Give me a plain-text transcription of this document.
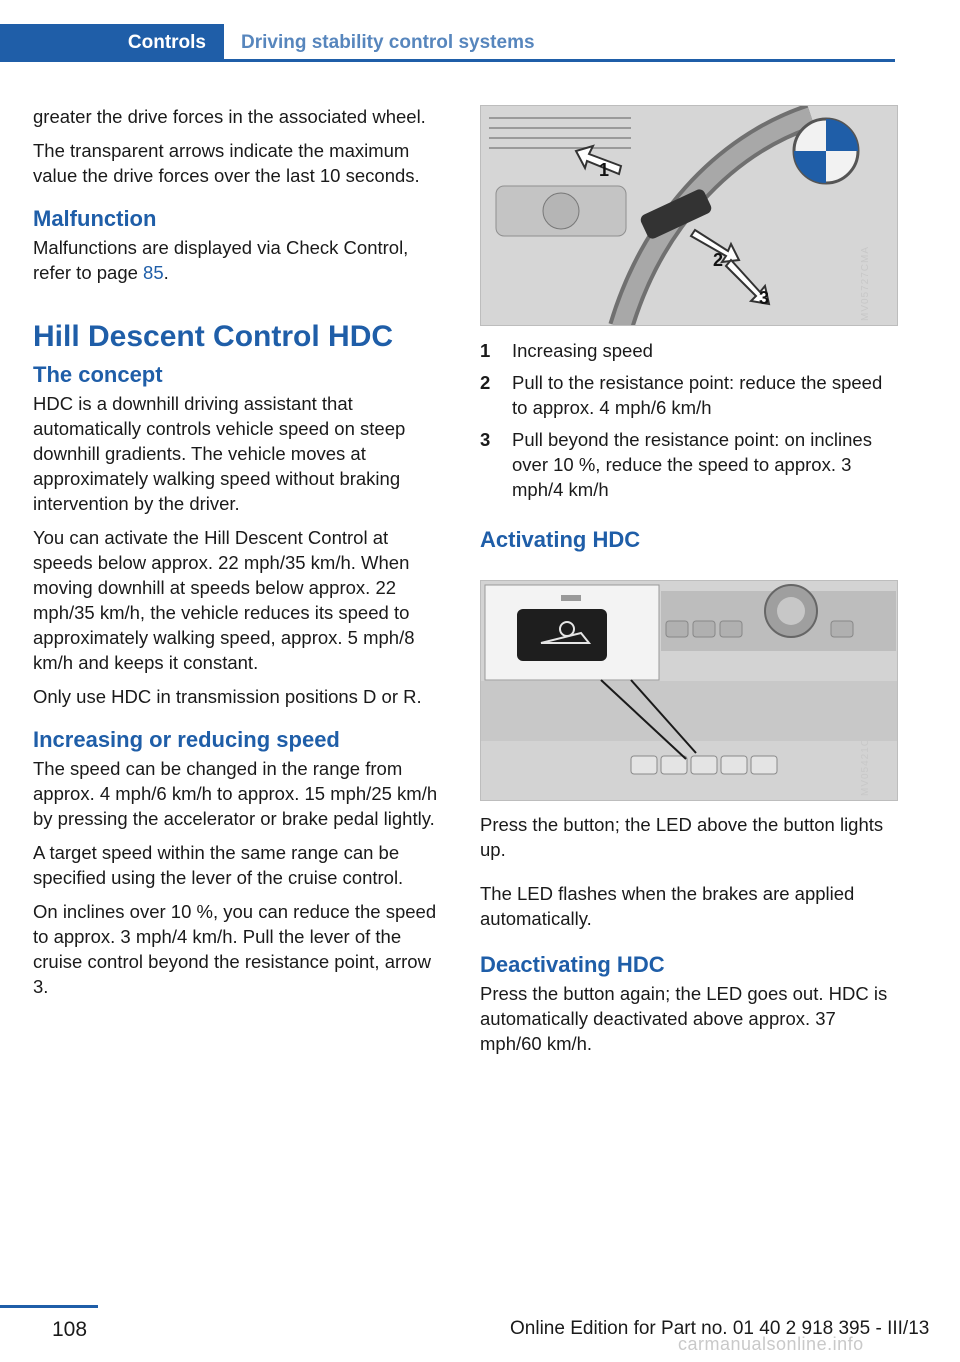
Controls Driving stability control systems

greater the drive forces in the associated wheel.

The transparent arrows indicate the maximum value the drive forces over the last 10 seconds.

Malfunction

Malfunctions are displayed via Check Control, refer to page 85.

Hill Descent Control HDC
The concept

HDC is a downhill driving assistant that automatically controls vehicle speed on steep downhill gradients. The vehicle moves at approximately walking speed without braking intervention by the driver.

You can activate the Hill Descent Control at speeds below approx. 22 mph/35 km/h. When moving downhill at speeds below approx. 22 mph/35 km/h, the vehicle reduces its speed to approximately walking speed, approx. 5 mph/8 km/h and keeps it constant.

Only use HDC in transmission positions D or R.

Increasing or reducing speed

The speed can be changed in the range from approx. 4 mph/6 km/h to approx. 15 mph/25 km/h by pressing the accelerator or brake pedal lightly.

A target speed within the same range can be specified using the lever of the cruise control.

On inclines over 10 %, you can reduce the speed to approx. 3 mph/4 km/h. Pull the lever of the cruise control beyond the resistance point, arrow 3.

1
2
3	MV05727CMA
1	Increasing speed
2	Pull to the resistance point: reduce the speed to approx. 4 mph/6 km/h
3	Pull beyond the resistance point: on inclines over 10 %, reduce the speed to approx. 3 mph/4 km/h
Activating HDC
MV05421CMA

Press the button; the LED above the button lights up.

The LED flashes when the brakes are applied automatically.

Deactivating HDC

Press the button again; the LED goes out. HDC is automatically deactivated above approx. 37 mph/60 km/h.

108	Online Edition for Part no. 01 40 2 918 395 - III/13
carmanualsonline.info
